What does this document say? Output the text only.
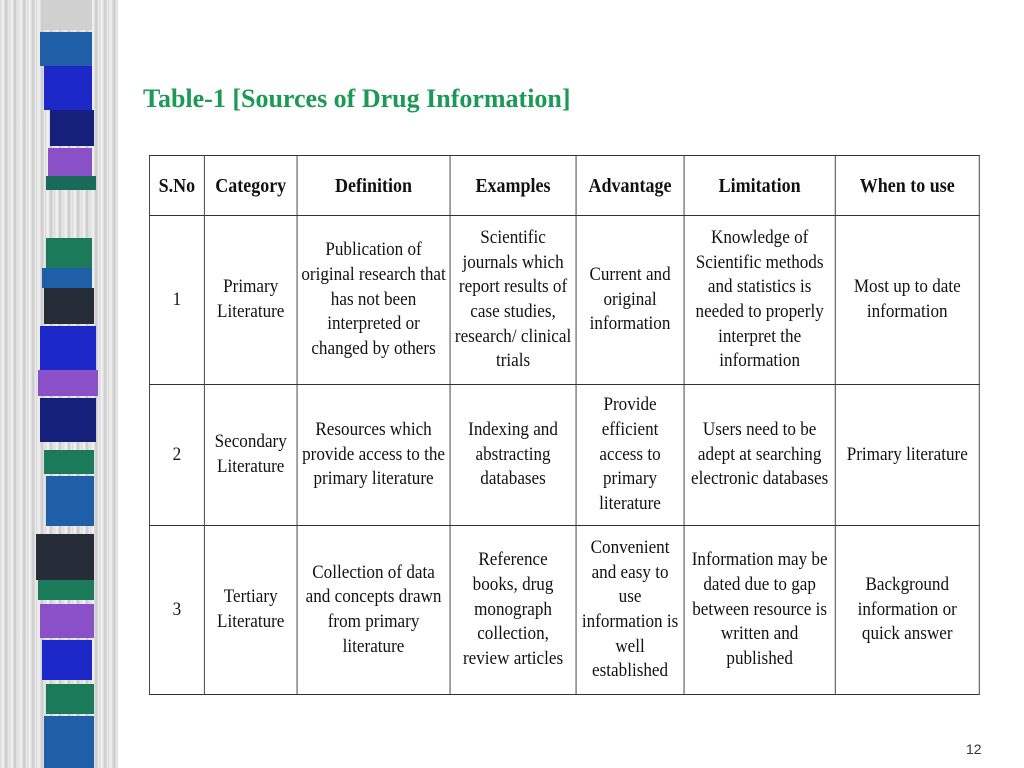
Table-1 [Sources of Drug Information]
S.No	Category	Definition	Examples	Advantage	Limitation	When to use
1	Primary Literature	Publication of original research that has not been interpreted or changed by others	Scientific journals which report results of case studies, research/ clinical trials	Current and original information	Knowledge of Scientific methods and statistics is needed to properly interpret the information	Most up to date information
2	Secondary Literature	Resources which provide access to the primary literature	Indexing and abstracting databases	Provide efficient access to primary literature	Users need to be adept at searching electronic databases	Primary literature
3	Tertiary Literature	Collection of data and concepts drawn from primary literature	Reference books, drug monograph collection, review articles	Convenient and easy to use information is well established	Information may be dated due to gap between resource is written and published	Background information or quick answer
12
